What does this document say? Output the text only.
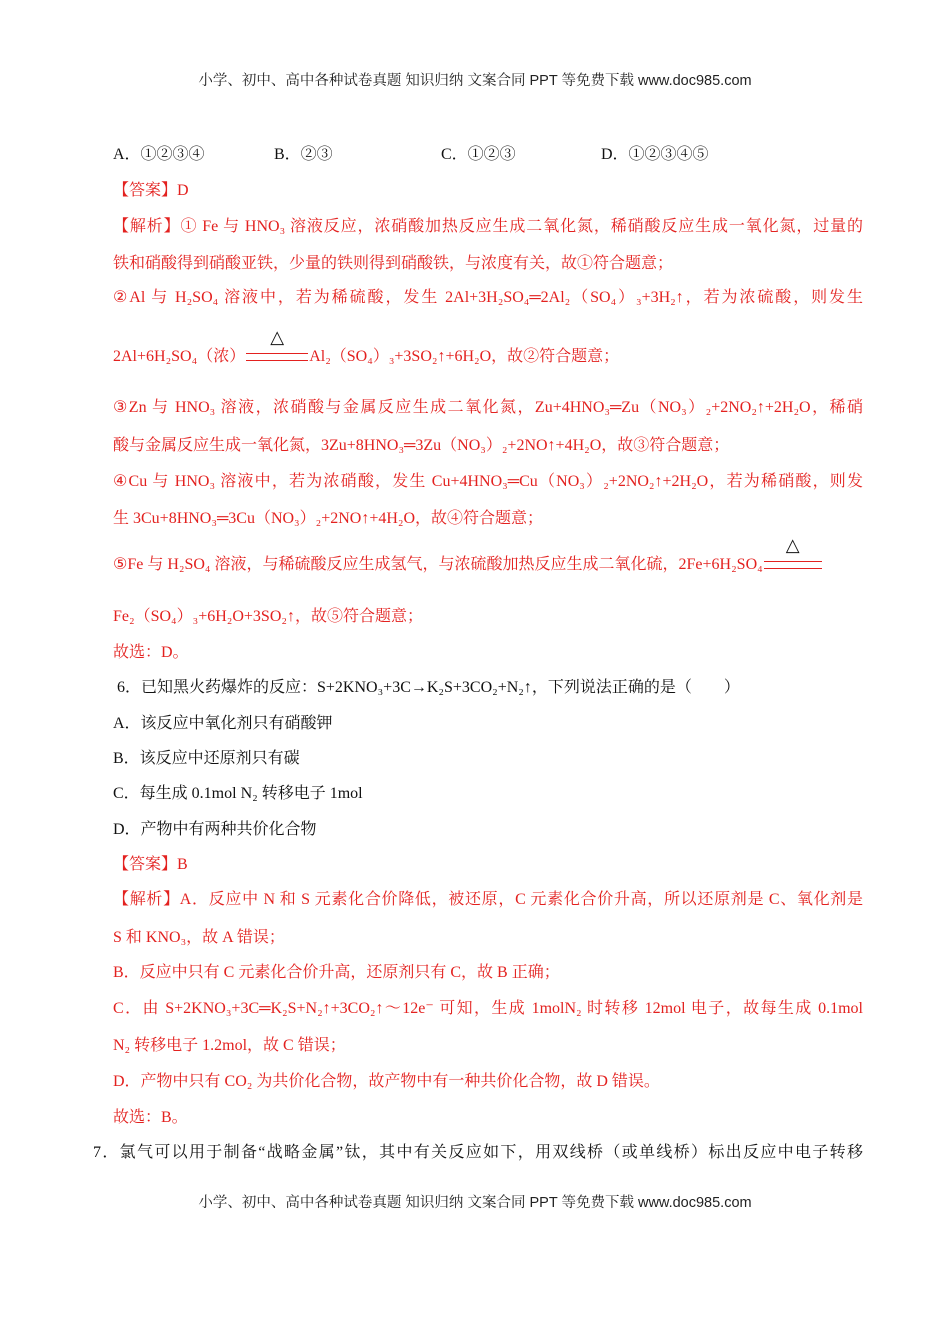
小学、初中、高中各种试卷真题 知识归纳 文案合同 PPT 等免费下载 www.doc985.com
A．①②③④	B．②③	C．①②③	D．①②③④⑤
【答案】D
【解析】① Fe 与 HNO₃ 溶液反应，浓硝酸加热反应生成二氧化氮，稀硝酸反应生成一氧化氮，过量的
铁和硝酸得到硝酸亚铁，少量的铁则得到硝酸铁，与浓度有关，故①符合题意；
②Al 与 H₂SO₄ 溶液中，若为稀硫酸，发生 2Al+3H₂SO₄═2Al₂（SO₄）₃+3H₂↑，若为浓硫酸，则发生
2Al+6H₂SO₄（浓）
△
Al₂（SO₄）₃+3SO₂↑+6H₂O，故②符合题意；
③Zn 与 HNO₃ 溶液，浓硝酸与金属反应生成二氧化氮，Zu+4HNO₃═Zu（NO₃）₂+2NO₂↑+2H₂O，稀硝
酸与金属反应生成一氧化氮，3Zu+8HNO₃═3Zu（NO₃）₂+2NO↑+4H₂O，故③符合题意；
④Cu 与 HNO₃ 溶液中，若为浓硝酸，发生 Cu+4HNO₃═Cu（NO₃）₂+2NO₂↑+2H₂O，若为稀硝酸，则发
生 3Cu+8HNO₃═3Cu（NO₃）₂+2NO↑+4H₂O，故④符合题意；
⑤Fe 与 H₂SO₄ 溶液，与稀硫酸反应生成氢气，与浓硫酸加热反应生成二氧化硫，2Fe+6H₂SO₄
△
Fe₂（SO₄）₃+6H₂O+3SO₂↑，故⑤符合题意；
故选：D。
6．已知黑火药爆炸的反应：S+2KNO₃+3C→K₂S+3CO₂+N₂↑，下列说法正确的是（　　）
A．该反应中氧化剂只有硝酸钾
B．该反应中还原剂只有碳
C．每生成 0.1mol N₂ 转移电子 1mol
D．产物中有两种共价化合物
【答案】B
【解析】A．反应中 N 和 S 元素化合价降低，被还原，C 元素化合价升高，所以还原剂是 C、氧化剂是
S 和 KNO₃，故 A 错误；
B．反应中只有 C 元素化合价升高，还原剂只有 C，故 B 正确；
C．由 S+2KNO₃+3C═K₂S+N₂↑+3CO₂↑～12e⁻ 可知，生成 1molN₂ 时转移 12mol 电子，故每生成 0.1mol
N₂ 转移电子 1.2mol，故 C 错误；
D．产物中只有 CO₂ 为共价化合物，故产物中有一种共价化合物，故 D 错误。
故选：B。
7．氯气可以用于制备“战略金属”钛，其中有关反应如下，用双线桥（或单线桥）标出反应中电子转移
小学、初中、高中各种试卷真题 知识归纳 文案合同 PPT 等免费下载 www.doc985.com
